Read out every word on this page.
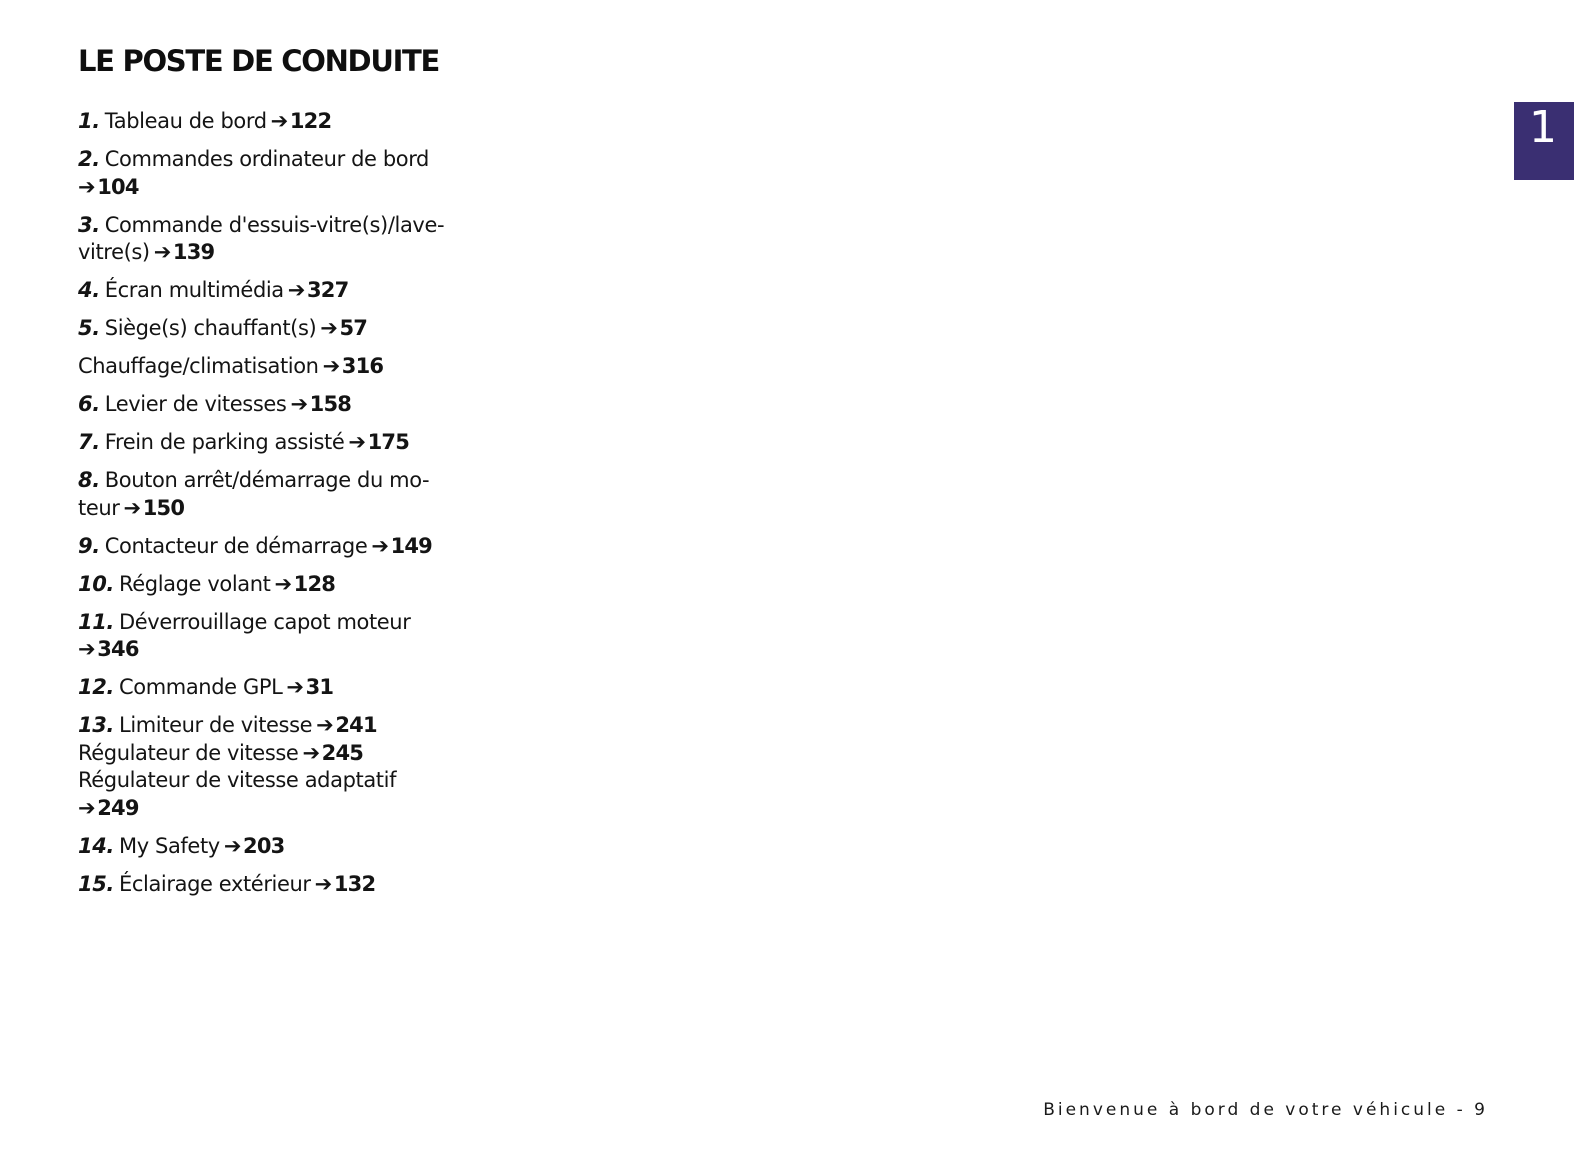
LE POSTE DE CONDUITE
1. Tableau de bord ➔122
2. Commandes ordinateur de bord
➔104
3. Commande d'essuis-vitre(s)/lave-
vitre(s) ➔139
4. Écran multimédia ➔327
5. Siège(s) chauffant(s) ➔57
Chauffage/climatisation ➔316
6. Levier de vitesses ➔158
7. Frein de parking assisté ➔175
8. Bouton arrêt/démarrage du mo-
teur ➔150
9. Contacteur de démarrage ➔149
10. Réglage volant ➔128
11. Déverrouillage capot moteur
➔346
12. Commande GPL ➔31
13. Limiteur de vitesse ➔241
Régulateur de vitesse ➔245
Régulateur de vitesse adaptatif
➔249
14. My Safety ➔203
15. Éclairage extérieur ➔132
1
Bienvenue à bord de votre véhicule - 9
